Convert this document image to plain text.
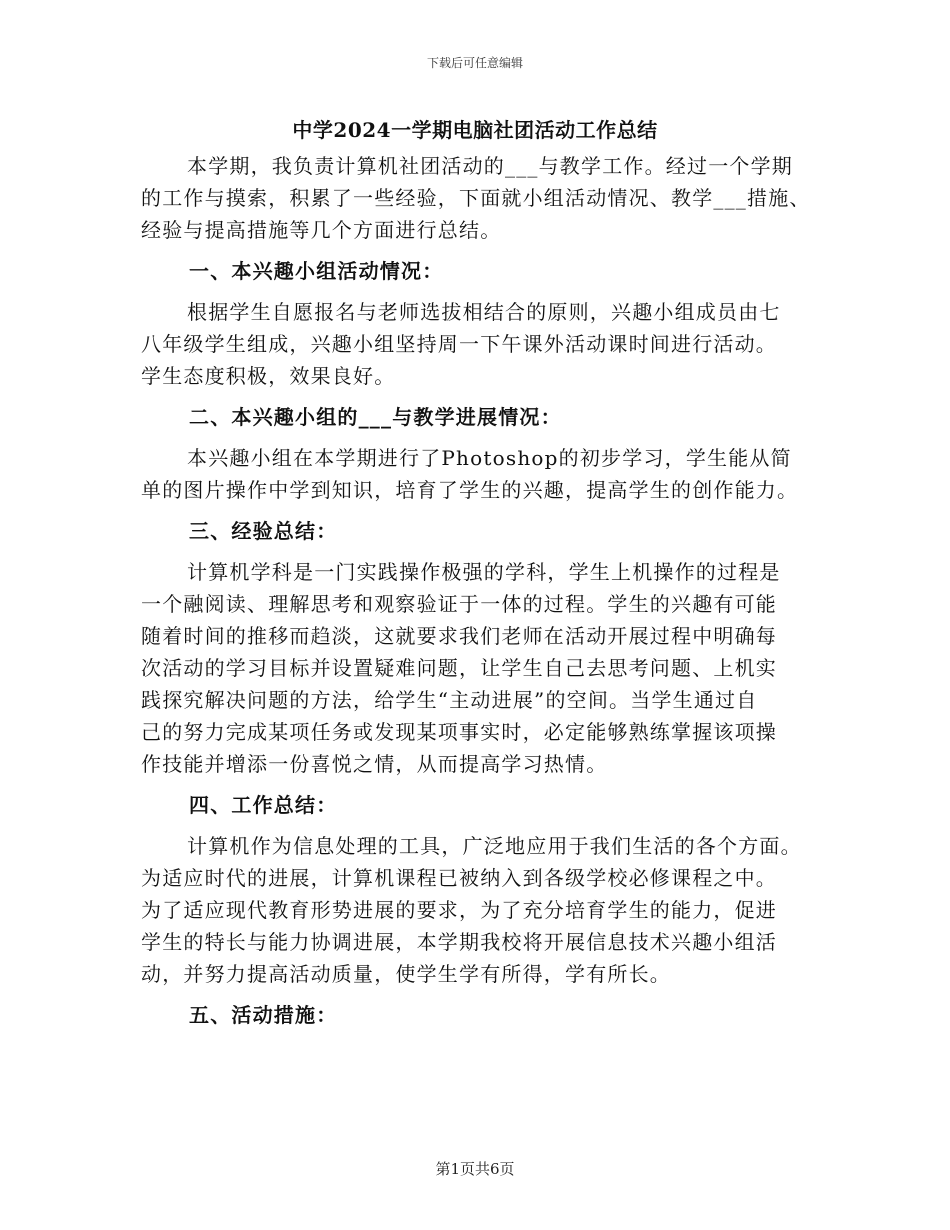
下载后可任意编辑
中学2024一学期电脑社团活动工作总结
本学期，我负责计算机社团活动的___与教学工作。经过一个学期
的工作与摸索，积累了一些经验，下面就小组活动情况、教学___措施、
经验与提高措施等几个方面进行总结。
一、本兴趣小组活动情况：
根据学生自愿报名与老师选拔相结合的原则，兴趣小组成员由七
八年级学生组成，兴趣小组坚持周一下午课外活动课时间进行活动。
学生态度积极，效果良好。
二、本兴趣小组的___与教学进展情况：
本兴趣小组在本学期进行了Photoshop的初步学习，学生能从简
单的图片操作中学到知识，培育了学生的兴趣，提高学生的创作能力。
三、经验总结：
计算机学科是一门实践操作极强的学科，学生上机操作的过程是
一个融阅读、理解思考和观察验证于一体的过程。学生的兴趣有可能
随着时间的推移而趋淡，这就要求我们老师在活动开展过程中明确每
次活动的学习目标并设置疑难问题，让学生自己去思考问题、上机实
践探究解决问题的方法，给学生“主动进展”的空间。当学生通过自
己的努力完成某项任务或发现某项事实时，必定能够熟练掌握该项操
作技能并增添一份喜悦之情，从而提高学习热情。
四、工作总结：
计算机作为信息处理的工具，广泛地应用于我们生活的各个方面。
为适应时代的进展，计算机课程已被纳入到各级学校必修课程之中。
为了适应现代教育形势进展的要求，为了充分培育学生的能力，促进
学生的特长与能力协调进展，本学期我校将开展信息技术兴趣小组活
动，并努力提高活动质量，使学生学有所得，学有所长。
五、活动措施：
第1页共6页
